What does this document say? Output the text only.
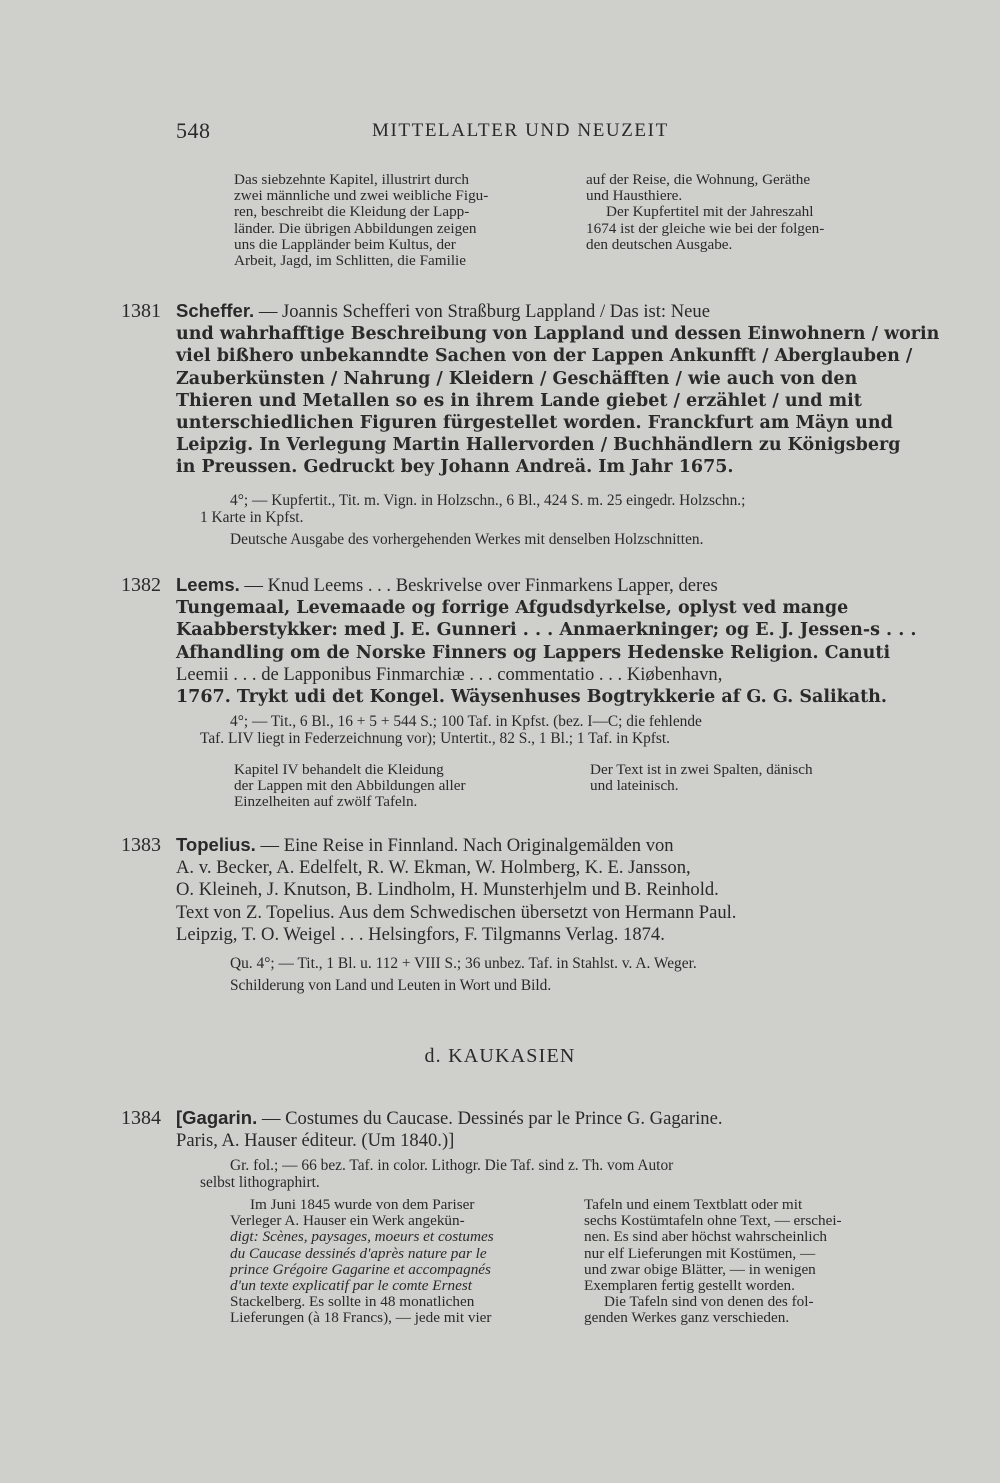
548	MITTELALTER UND NEUZEIT
Das siebzehnte Kapitel, illustrirt durch
zwei männliche und zwei weibliche Figu-
ren, beschreibt die Kleidung der Lapp-
länder. Die übrigen Abbildungen zeigen
uns die Lappländer beim Kultus, der
Arbeit, Jagd, im Schlitten, die Familie
auf der Reise, die Wohnung, Geräthe
und Hausthiere.
Der Kupfertitel mit der Jahreszahl
1674 ist der gleiche wie bei der folgen-
den deutschen Ausgabe.
1381 Scheffer. — Joannis Schefferi von Straßburg Lappland / Das ist: Neue
und wahrhafftige Beschreibung von Lappland und dessen Einwohnern / worin
viel bißhero unbekanndte Sachen von der Lappen Ankunfft / Aberglauben /
Zauberkünsten / Nahrung / Kleidern / Geschäfften / wie auch von den
Thieren und Metallen so es in ihrem Lande giebet / erzählet / und mit
unterschiedlichen Figuren fürgestellet worden. Franckfurt am Mäyn und
Leipzig. In Verlegung Martin Hallervorden / Buchhändlern zu Königsberg
in Preussen. Gedruckt bey Johann Andreä. Im Jahr 1675.
4°; — Kupfertit., Tit. m. Vign. in Holzschn., 6 Bl., 424 S. m. 25 eingedr. Holzschn.;
1 Karte in Kpfst.
Deutsche Ausgabe des vorhergehenden Werkes mit denselben Holzschnitten.
1382 Leems. — Knud Leems . . . Beskrivelse over Finmarkens Lapper, deres
Tungemaal, Levemaade og forrige Afgudsdyrkelse, oplyst ved mange
Kaabberstykker: med J. E. Gunneri . . . Anmaerkninger; og E. J. Jessen-s . . .
Afhandling om de Norske Finners og Lappers Hedenske Religion. Canuti
Leemii . . . de Lapponibus Finmarchiæ . . . commentatio . . . Kiøbenhavn,
1767. Trykt udi det Kongel. Wäysenhuses Bogtrykkerie af G. G. Salikath.
4°; — Tit., 6 Bl., 16 + 5 + 544 S.; 100 Taf. in Kpfst. (bez. I—C; die fehlende
Taf. LIV liegt in Federzeichnung vor); Untertit., 82 S., 1 Bl.; 1 Taf. in Kpfst.
Kapitel IV behandelt die Kleidung
der Lappen mit den Abbildungen aller
Einzelheiten auf zwölf Tafeln.
Der Text ist in zwei Spalten, dänisch
und lateinisch.
1383 Topelius. — Eine Reise in Finnland. Nach Originalgemälden von
A. v. Becker, A. Edelfelt, R. W. Ekman, W. Holmberg, K. E. Jansson,
O. Kleineh, J. Knutson, B. Lindholm, H. Munsterhjelm und B. Reinhold.
Text von Z. Topelius. Aus dem Schwedischen übersetzt von Hermann Paul.
Leipzig, T. O. Weigel . . . Helsingfors, F. Tilgmanns Verlag. 1874.
Qu. 4°; — Tit., 1 Bl. u. 112 + VIII S.; 36 unbez. Taf. in Stahlst. v. A. Weger.
Schilderung von Land und Leuten in Wort und Bild.
d. KAUKASIEN
1384 [Gagarin. — Costumes du Caucase. Dessinés par le Prince G. Gagarine.
Paris, A. Hauser éditeur. (Um 1840.)]
Gr. fol.; — 66 bez. Taf. in color. Lithogr. Die Taf. sind z. Th. vom Autor
selbst lithographirt.
Im Juni 1845 wurde von dem Pariser
Verleger A. Hauser ein Werk angekün-
digt: Scènes, paysages, moeurs et costumes
du Caucase dessinés d'après nature par le
prince Grégoire Gagarine et accompagnés
d'un texte explicatif par le comte Ernest
Stackelberg. Es sollte in 48 monatlichen
Lieferungen (à 18 Francs), — jede mit vier
Tafeln und einem Textblatt oder mit
sechs Kostümtafeln ohne Text, — erschei-
nen. Es sind aber höchst wahrscheinlich
nur elf Lieferungen mit Kostümen, —
und zwar obige Blätter, — in wenigen
Exemplaren fertig gestellt worden.
Die Tafeln sind von denen des fol-
genden Werkes ganz verschieden.
